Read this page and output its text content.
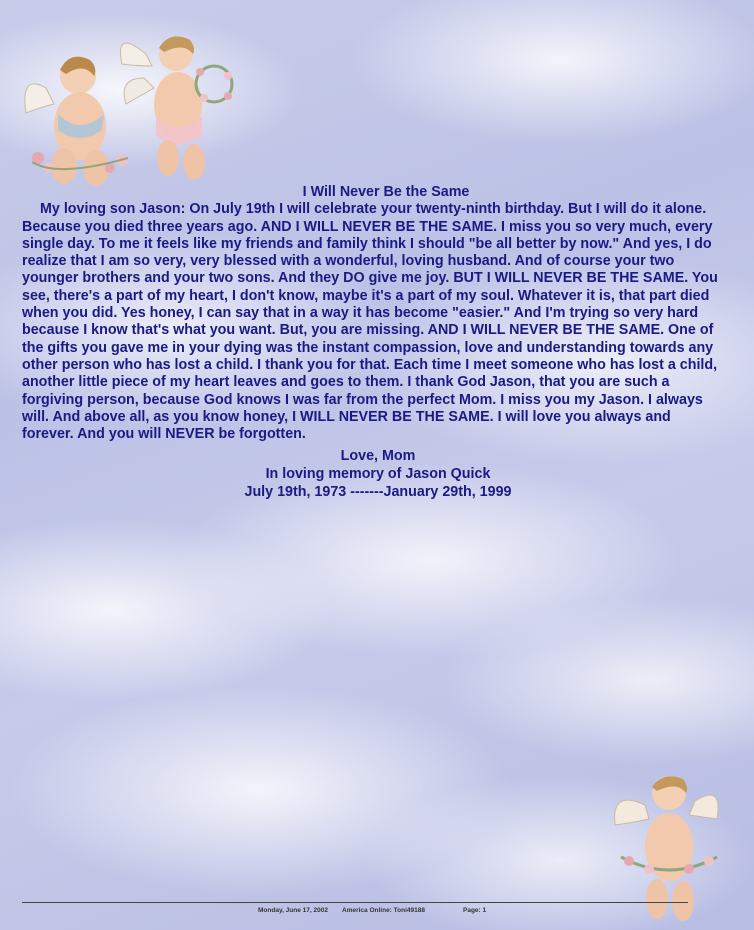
I Will Never Be the Same

My loving son Jason: On July 19th I will celebrate your twenty-ninth birthday. But I will do it alone. Because you died three years ago. AND I WILL NEVER BE THE SAME. I miss you so very much, every single day. To me it feels like my friends and family think I should "be all better by now." And yes, I do realize that I am so very, very blessed with a wonderful, loving husband. And of course your two younger brothers and your two sons. And they DO give me joy. BUT I WILL NEVER BE THE SAME. You see, there's a part of my heart, I don't know, maybe it's a part of my soul. Whatever it is, that part died when you did. Yes honey, I can say that in a way it has become "easier." And I'm trying so very hard because I know that's what you want. But, you are missing. AND I WILL NEVER BE THE SAME. One of the gifts you gave me in your dying was the instant compassion, love and understanding towards any other person who has lost a child. I thank you for that. Each time I meet someone who has lost a child, another little piece of my heart leaves and goes to them. I thank God Jason, that you are such a forgiving person, because God knows I was far from the perfect Mom. I miss you my Jason. I always will. And above all, as you know honey, I WILL NEVER BE THE SAME. I will love you always and forever. And you will NEVER be forgotten.

Love, Mom
In loving memory of Jason Quick
July 19th, 1973 -------January 29th, 1999
Monday, June 17, 2002 America Online: Toni49188	Page: 1
